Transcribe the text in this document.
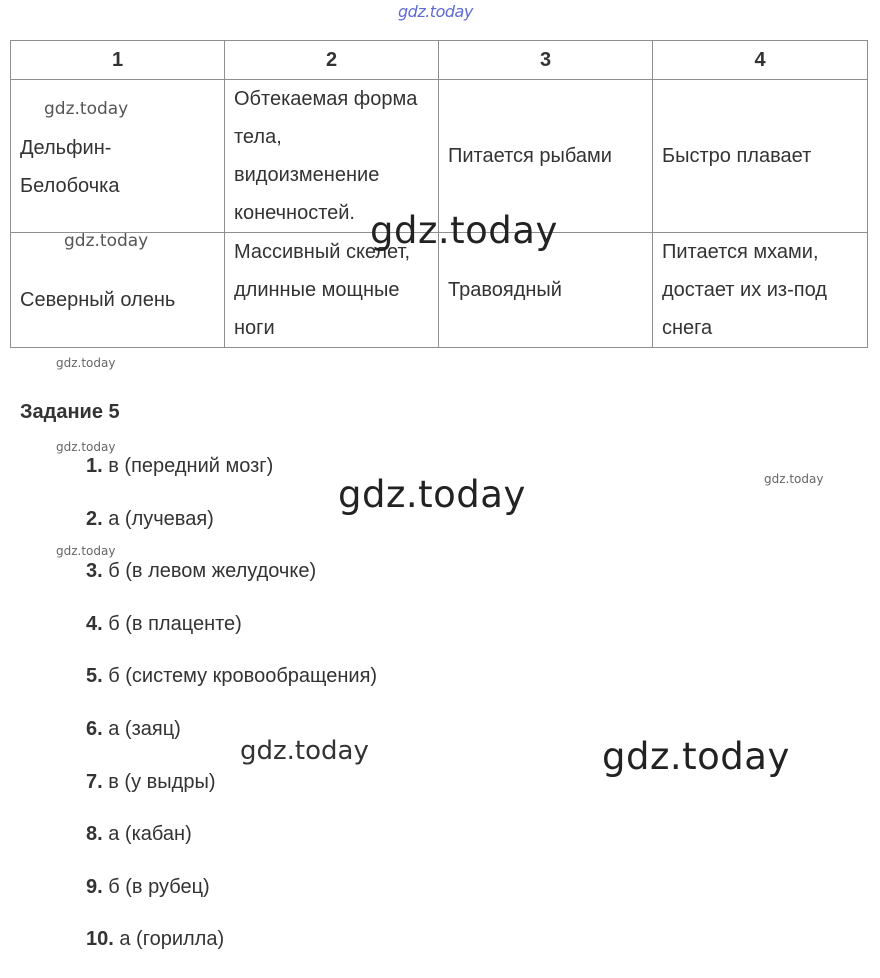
gdz.today
1	2	3	4

Дельфин-Белобочка	Обтекаемая форма тела, видоизменение конечностей.	Питается рыбами	Быстро плавает

Северный олень	Массивный скелет, длинные мощные ноги	Травоядный	Питается мхами, достает их из-под снега
Задание 5
1. в (передний мозг)
2. а (лучевая)
3. б (в левом желудочке)
4. б (в плаценте)
5. б (систему кровообращения)
6. а (заяц)
7. в (у выдры)
8. а (кабан)
9. б (в рубец)
10. а (горилла)
gdz.today
gdz.today	gdz.today
gdz.today
gdz.today
gdz.today
gdz.today
gdz.today
gdz.today	gdz.today
